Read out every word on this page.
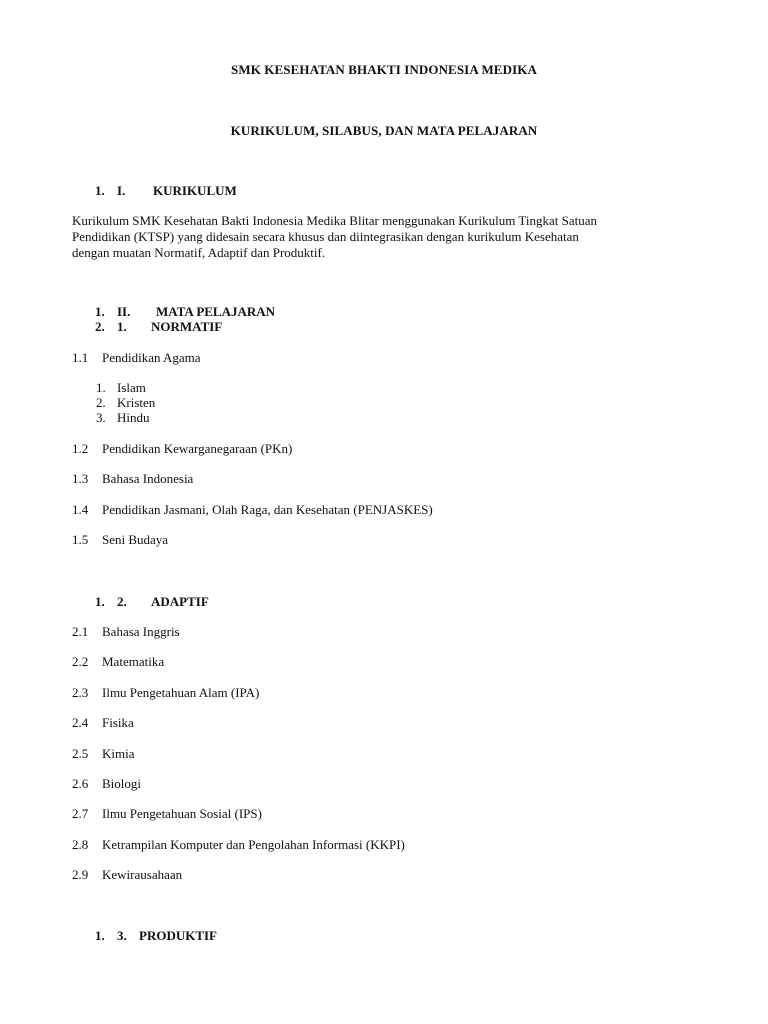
SMK KESEHATAN BHAKTI INDONESIA MEDIKA
KURIKULUM, SILABUS, DAN MATA PELAJARAN
1. I. KURIKULUM
Kurikulum SMK Kesehatan Bakti Indonesia Medika Blitar menggunakan Kurikulum Tingkat Satuan
Pendidikan (KTSP) yang didesain secara khusus dan diintegrasikan dengan kurikulum Kesehatan
dengan muatan Normatif, Adaptif dan Produktif.
1. II. MATA PELAJARAN
2. 1. NORMATIF
1.1 Pendidikan Agama
1. Islam
2. Kristen
3. Hindu
1.2 Pendidikan Kewarganegaraan (PKn)
1.3 Bahasa Indonesia
1.4 Pendidikan Jasmani, Olah Raga, dan Kesehatan (PENJASKES)
1.5 Seni Budaya
1. 2. ADAPTIF
2.1 Bahasa Inggris
2.2 Matematika
2.3 Ilmu Pengetahuan Alam (IPA)
2.4 Fisika
2.5 Kimia
2.6 Biologi
2.7 Ilmu Pengetahuan Sosial (IPS)
2.8 Ketrampilan Komputer dan Pengolahan Informasi (KKPI)
2.9 Kewirausahaan
1. 3. PRODUKTIF
